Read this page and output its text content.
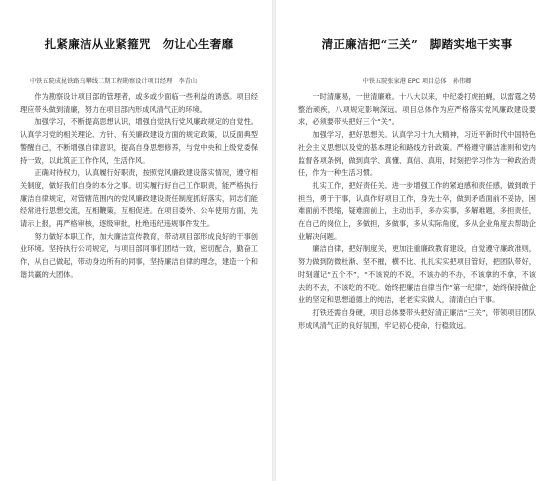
扎紧廉洁从业紧箍咒　勿让心生奢靡
中铁五院成昆铁路乌攀线二期工程勘察设计项目经理　李青山

作为勘察设计项目部的管理者，或多或少面临一些利益的诱惑。项目经理应带头做到清廉，努力在项目部内形成风清气正的环境。

加强学习，不断提高思想认识，增强自觉执行党风廉政规定的自觉性。认真学习党的相关理论、方针、有关廉政建设方面的规定政策，以反面典型警醒自己，不断增强自律意识，提高自身思想修养，与党中央和上级党委保持一致，以此筑正工作作风，生活作风。

正确对待权力，认真履行好职责，按照党风廉政建设落实情况，遵守相关制度，做好我们自身的本分之事。切实履行好自己工作职责，能严格执行廉洁自律规定，对管辖范围内的党风廉政建设责任制度抓好落实，同志们能经常进行思想交流，互相鞭策，互相促进。在项目委外、公车使用方面，先请示上报，再严格审核，逐级审批，杜绝违纪违规事件发生。

努力做好本职工作，加大廉洁宣传教育，带动项目部形成良好的干事创业环境。坚持执行公司规定，与项目部同事们团结一致，密切配合，勤奋工作，从自己做起，带动身边所有的同事，坚持廉洁自律的理念，建造一个和谐共赢的大团体。

清正廉洁把“三关”　脚踏实地干实事
中铁五院张家港 EPC 项目总体　孙伟卿

一时清廉易，一世清廉难。十八大以来，中纪委打虎拍蝇，以雷霆之势整治顽疾，八项规定影响深远。项目总体作为应严格落实党风廉政建设要求，必须要带头把好三个“关”。

加强学习，把好思想关。认真学习十九大精神，习近平新时代中国特色社会主义思想以及党的基本理论和路线方针政策。严格遵守廉洁准则和党内监督各项条例，做到真学、真懂、真信、真用，时刻把学习作为一种政治责任，作为一种生活习惯。

扎实工作，把好责任关。进一步增强工作的紧迫感和责任感，做到敢于担当，勇于干事，认真作好项目工作，身先士卒，做到矛盾面前不妥协，困难面前不畏缩，疑难面前上，主动出手，多办实事，多解难题，多担责任，在自己的岗位上，多做担，多做事，多从实际角度，多从企业角度去帮助企业解决问题。

廉洁自律，把好制度关，更加注重廉政教育建设，自觉遵守廉政准则，努力做到防微杜渐、坚不摧，横不比、扎扎实实把项目管好，把团队带好，时刻谨记“五个不”，“不该说的不说，不该办的不办，不该拿的不拿，不该去的不去，不该吃的不吃。始终把廉洁自律当作“第一纪律”，始终保持做企业的坚定和思想道德上的纯洁，老老实实做人，清清白白干事。

打铁还需自身硬，项目总体要带头把好清正廉洁“三关”，带领项目团队形成风清气正的良好氛围，牢记初心使命，行稳致远。
